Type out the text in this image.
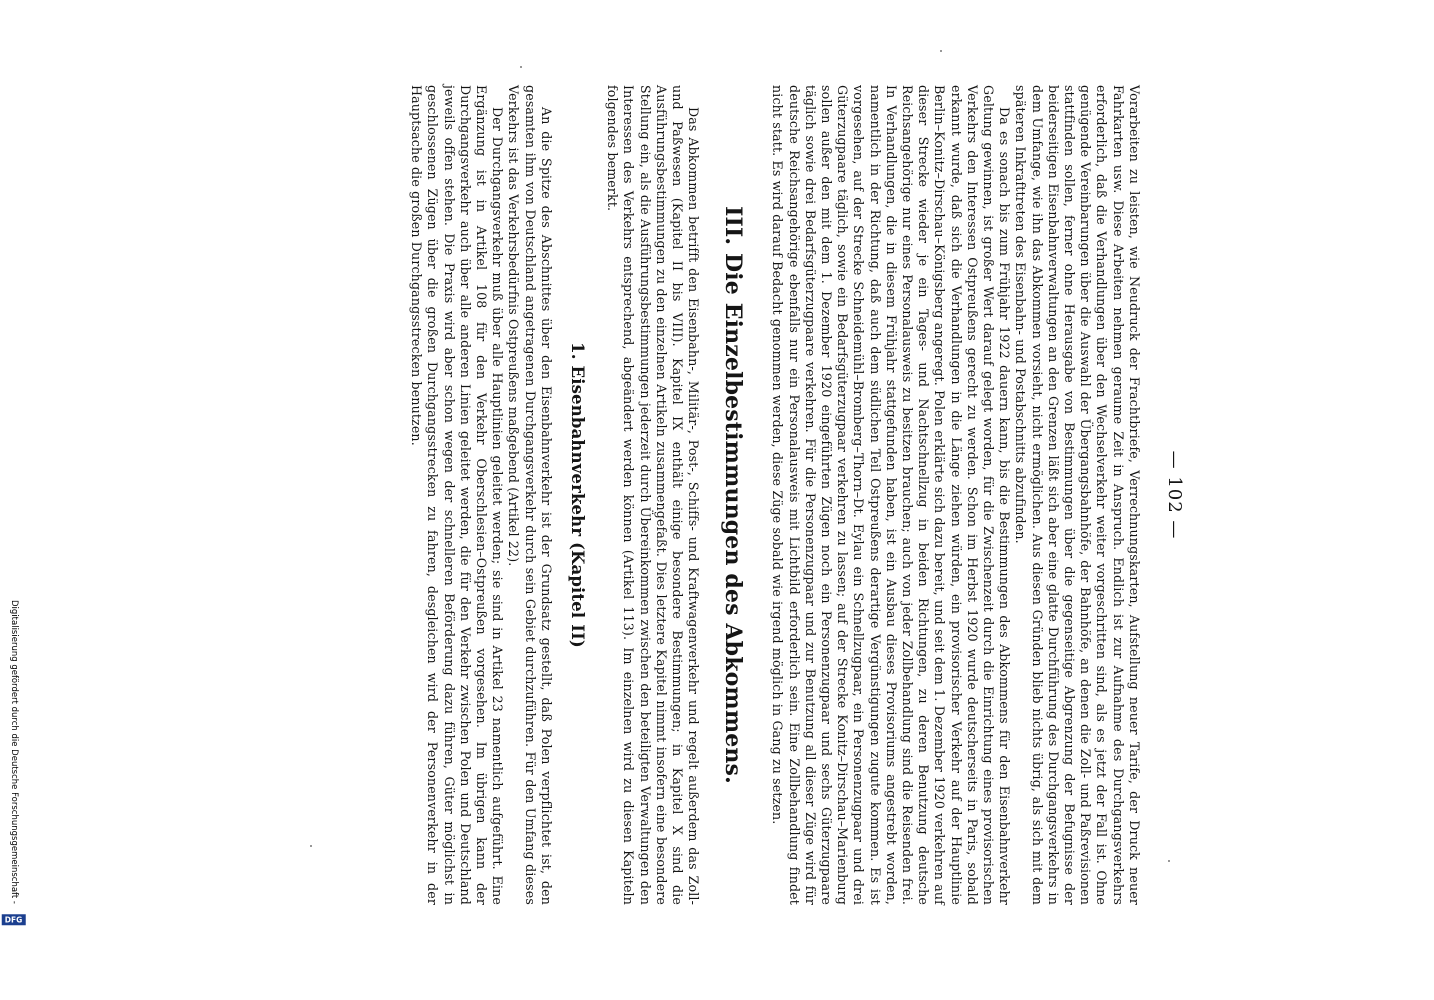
— 102 —

Vorarbeiten zu leisten, wie Neudruck der Frachtbriefe, Verrechnungskarten, Aufstellung neuer Tarife, der Druck neuer Fahrkarten usw. Diese Arbeiten nehmen geraume Zeit in Anspruch. Endlich ist zur Aufnahme des Durchgangsverkehrs erforderlich, daß die Verhandlungen über den Wechselverkehr weiter vorgeschritten sind, als es jetzt der Fall ist. Ohne genügende Vereinbarungen über die Auswahl der Übergangsbahnhöfe, der Bahnhöfe, an denen die Zoll- und Paßrevisionen stattfinden sollen, ferner ohne Herausgabe von Bestimmungen über die gegenseitige Abgrenzung der Befugnisse der beiderseitigen Eisenbahnverwaltungen an den Grenzen läßt sich aber eine glatte Durchführung des Durchgangsverkehrs in dem Umfange, wie ihn das Abkommen vorsieht, nicht ermöglichen. Aus diesen Gründen blieb nichts übrig, als sich mit dem späteren Inkrafttreten des Eisenbahn- und Postabschnitts abzufinden.

Da es sonach bis zum Frühjahr 1922 dauern kann, bis die Bestimmungen des Abkommens für den Eisenbahnverkehr Geltung gewinnen, ist großer Wert darauf gelegt worden, für die Zwischenzeit durch die Einrichtung eines provisorischen Verkehrs den Interessen Ostpreußens gerecht zu werden. Schon im Herbst 1920 wurde deutscherseits in Paris, sobald erkannt wurde, daß sich die Verhandlungen in die Länge ziehen würden, ein provisorischer Verkehr auf der Hauptlinie Berlin–Konitz–Dirschau–Königsberg angeregt. Polen erklärte sich dazu bereit, und seit dem 1. Dezember 1920 verkehren auf dieser Strecke wieder je ein Tages- und Nachtschnellzug in beiden Richtungen, zu deren Benutzung deutsche Reichsangehörige nur eines Personalausweis zu besitzen brauchen; auch von jeder Zollbehandlung sind die Reisenden frei. In Verhandlungen, die in diesem Frühjahr stattgefunden haben, ist ein Ausbau dieses Provisoriums angestrebt worden, namentlich in der Richtung, daß auch dem südlichen Teil Ostpreußens derartige Vergünstigungen zugute kommen. Es ist vorgesehen, auf der Strecke Schneidemühl–Bromberg–Thorn–Dt. Eylau ein Schnellzugpaar, ein Personenzugpaar und drei Güterzugpaare täglich, sowie ein Bedarfsgüterzugpaar verkehren zu lassen; auf der Strecke Konitz–Dirschau–Marienburg sollen außer den mit dem 1. Dezember 1920 eingeführten Zügen noch ein Personenzugpaar und sechs Güterzugpaare täglich sowie drei Bedarfsgüterzugpaare verkehren. Für die Personenzugpaar und zur Benutzung all dieser Züge wird für deutsche Reichsangehörige ebenfalls nur ein Personalausweis mit Lichtbild erforderlich sein. Eine Zollbehandlung findet nicht statt. Es wird darauf Bedacht genommen werden, diese Züge sobald wie irgend möglich in Gang zu setzen.

III. Die Einzelbestimmungen des Abkommens.

Das Abkommen betrifft den Eisenbahn-, Militär-, Post-, Schiffs- und Kraftwagenverkehr und regelt außerdem das Zoll- und Paßwesen (Kapitel II bis VIII). Kapitel IX enthält einige besondere Bestimmungen; in Kapitel X sind die Ausführungsbestimmungen zu den einzelnen Artikeln zusammengefaßt. Dies letztere Kapitel nimmt insofern eine besondere Stellung ein, als die Ausführungsbestimmungen jederzeit durch Übereinkommen zwischen den beteiligten Verwaltungen den Interessen des Verkehrs entsprechend, abgeändert werden können (Artikel 113). Im einzelnen wird zu diesen Kapiteln folgendes bemerkt.

1. Eisenbahnverkehr (Kapitel II)

An die Spitze des Abschnittes über den Eisenbahnverkehr ist der Grundsatz gestellt, daß Polen verpflichtet ist, den gesamten ihm von Deutschland angetragenen Durchgangsverkehr durch sein Gebiet durchzuführen. Für den Umfang dieses Verkehrs ist das Verkehrsbedürfnis Ostpreußens maßgebend (Artikel 22).

Der Durchgangsverkehr muß über alle Hauptlinien geleitet werden; sie sind in Artikel 23 namentlich aufgeführt. Eine Ergänzung ist in Artikel 108 für den Verkehr Oberschlesien–Ostpreußen vorgesehen. Im übrigen kann der Durchgangsverkehr auch über alle anderen Linien geleitet werden, die für den Verkehr zwischen Polen und Deutschland jeweils offen stehen. Die Praxis wird aber schon wegen der schnelleren Beförderung dazu führen, Güter möglichst in geschlossenen Zügen über die großen Durchgangsstrecken zu fahren, desgleichen wird der Personenverkehr in der Hauptsache die großen Durchgangsstrecken benutzen.

Digitalisierung gefördert durch die Deutsche Forschungsgemeinschaft -
DFG
